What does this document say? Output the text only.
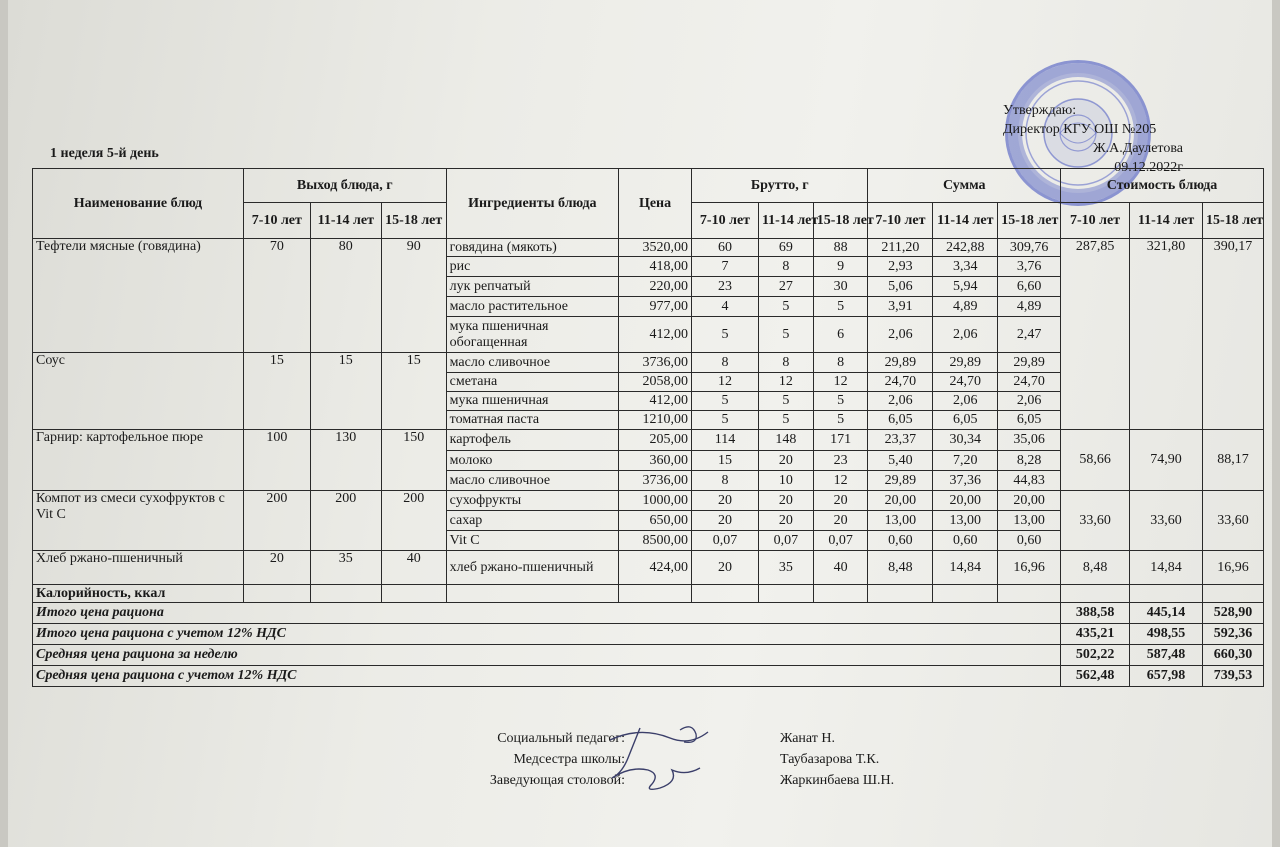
Утверждаю:
Директор КГУ ОШ №205
Ж.А.Даулетова
09.12.2022г
1 неделя 5-й день
Наименование блюд	Выход блюда, г			Ингредиенты блюда	Цена	Брутто, г			Сумма			Стоимость блюда		
	7-10 лет	11-14 лет	15-18 лет			7-10 лет	11-14 лет	15-18 лет	7-10 лет	11-14 лет	15-18 лет	7-10 лет	11-14 лет	15-18 лет

Тефтели мясные (говядина)	70	80	90	говядина (мякоть)	3520,00	60	69	88	211,20	242,88	309,76	287,85	321,80	390,17
				рис	418,00	7	8	9	2,93	3,34	3,76			
				лук репчатый	220,00	23	27	30	5,06	5,94	6,60			
				масло растительное	977,00	4	5	5	3,91	4,89	4,89			
				мука пшеничная обогащенная	412,00	5	5	6	2,06	2,06	2,47			
Соус	15	15	15	масло сливочное	3736,00	8	8	8	29,89	29,89	29,89			
				сметана	2058,00	12	12	12	24,70	24,70	24,70			
				мука пшеничная	412,00	5	5	5	2,06	2,06	2,06			
				томатная паста	1210,00	5	5	5	6,05	6,05	6,05			
Гарнир: картофельное пюре	100	130	150	картофель	205,00	114	148	171	23,37	30,34	35,06	58,66	74,90	88,17
				молоко	360,00	15	20	23	5,40	7,20	8,28			
				масло сливочное	3736,00	8	10	12	29,89	37,36	44,83			
Компот из смеси сухофруктов с Vit C	200	200	200	сухофрукты	1000,00	20	20	20	20,00	20,00	20,00	33,60	33,60	33,60
				сахар	650,00	20	20	20	13,00	13,00	13,00			
				Vit C	8500,00	0,07	0,07	0,07	0,60	0,60	0,60			
Хлеб ржано-пшеничный	20	35	40	хлеб ржано-пшеничный	424,00	20	35	40	8,48	14,84	16,96	8,48	14,84	16,96
Калорийность, ккал														
Итого цена рациона												388,58	445,14	528,90
Итого цена рациона с учетом 12% НДС												435,21	498,55	592,36
Средняя цена рациона за неделю												502,22	587,48	660,30
Средняя цена рациона с учетом 12% НДС												562,48	657,98	739,53
Социальный педагог:	Жанат Н.
Медсестра школы:	Таубазарова Т.К.
Заведующая столовой:	Жаркинбаева Ш.Н.
